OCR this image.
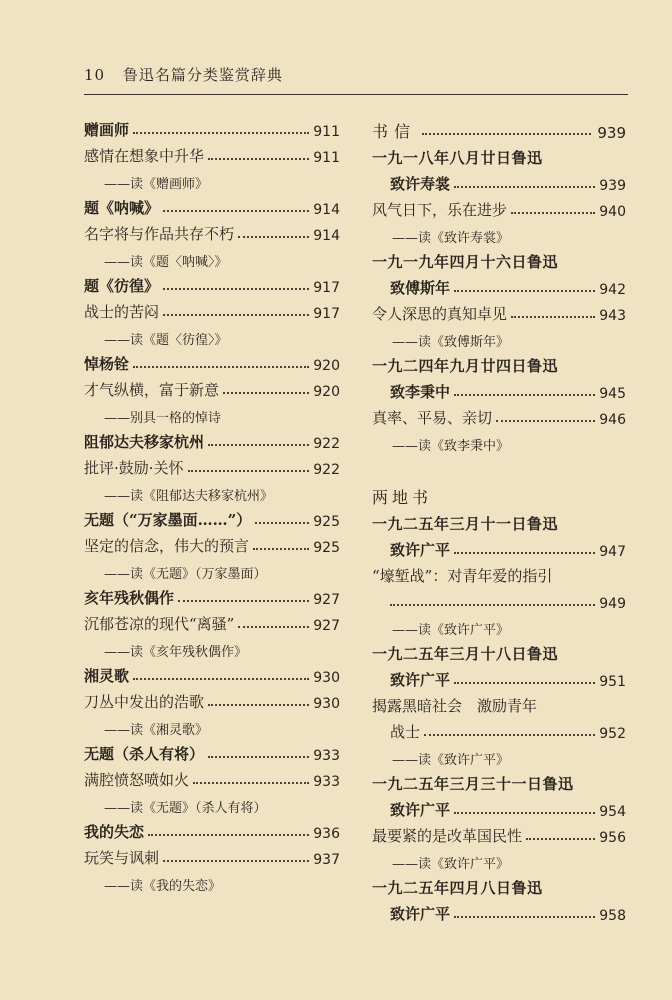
10 鲁迅名篇分类鉴赏辞典
赠画师	911
感情在想象中升华	911
——读《赠画师》
题《呐喊》	914
名字将与作品共存不朽	914
——读《题〈呐喊〉》
题《彷徨》	917
战士的苦闷	917
——读《题〈彷徨〉》
悼杨铨	920
才气纵横，富于新意	920
——别具一格的悼诗
阻郁达夫移家杭州	922
批评·鼓励·关怀	922
——读《阻郁达夫移家杭州》
无题（“万家墨面……”）	925
坚定的信念，伟大的预言	925
——读《无题》（万家墨面）
亥年残秋偶作	927
沉郁苍凉的现代“离骚”	927
——读《亥年残秋偶作》
湘灵歌	930
刀丛中发出的浩歌	930
——读《湘灵歌》
无题（杀人有将）	933
满腔愤怒喷如火	933
——读《无题》（杀人有将）
我的失恋	936
玩笑与讽刺	937
——读《我的失恋》
书信	939
一九一八年八月廿日鲁迅
致许寿裳	939
风气日下，乐在进步	940
——读《致许寿裳》
一九一九年四月十六日鲁迅
致傅斯年	942
令人深思的真知卓见	943
——读《致傅斯年》
一九二四年九月廿四日鲁迅
致李秉中	945
真率、平易、亲切	946
——读《致李秉中》
两地书
一九二五年三月十一日鲁迅
致许广平	947
“壕堑战”：对青年爱的指引
949
——读《致许广平》
一九二五年三月十八日鲁迅
致许广平	951
揭露黑暗社会　激励青年
战士	952
——读《致许广平》
一九二五年三月三十一日鲁迅
致许广平	954
最要紧的是改革国民性	956
——读《致许广平》
一九二五年四月八日鲁迅
致许广平	958
